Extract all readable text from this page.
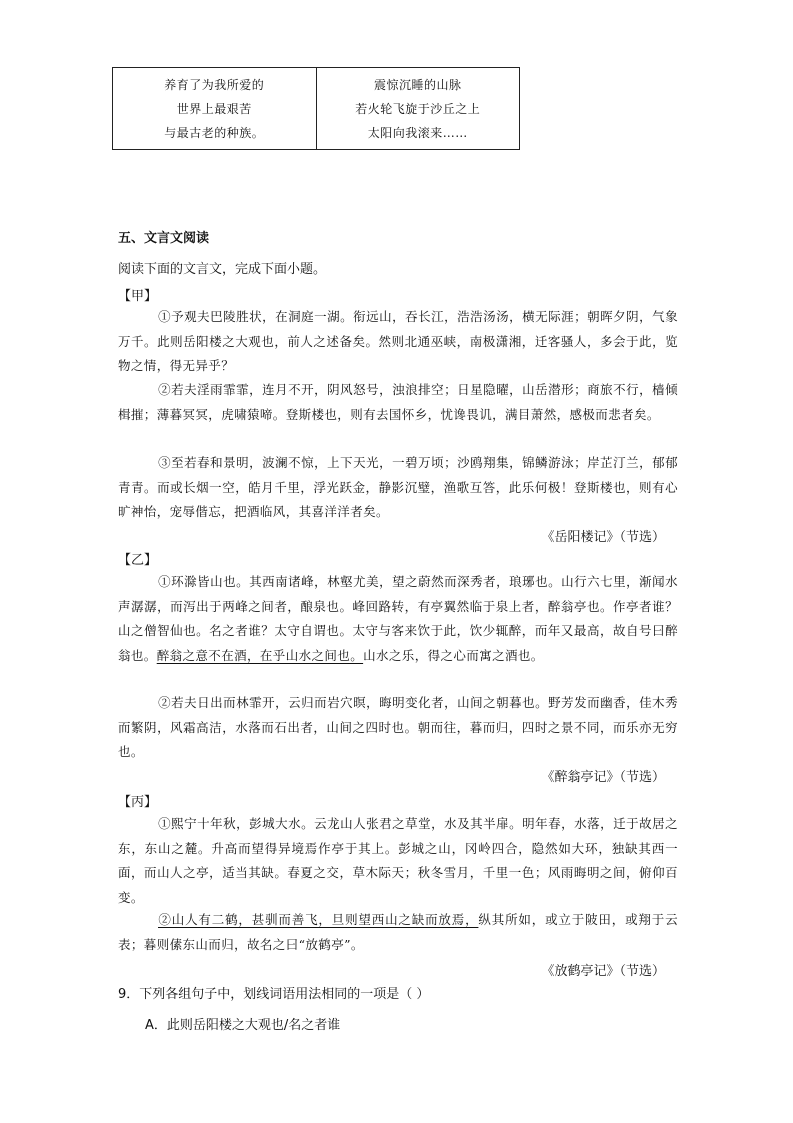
养育了为我所爱的
世界上最艰苦
与最古老的种族。
震惊沉睡的山脉
若火轮飞旋于沙丘之上
太阳向我滚来……
五、文言文阅读
阅读下面的文言文，完成下面小题。
【甲】
①予观夫巴陵胜状，在洞庭一湖。衔远山，吞长江，浩浩汤汤，横无际涯；朝晖夕阴，气象万千。此则岳阳楼之大观也，前人之述备矣。然则北通巫峡，南极潇湘，迁客骚人，多会于此，览物之情，得无异乎？
②若夫淫雨霏霏，连月不开，阴风怒号，浊浪排空；日星隐曜，山岳潜形；商旅不行，樯倾楫摧；薄暮冥冥，虎啸猿啼。登斯楼也，则有去国怀乡，忧谗畏讥，满目萧然，感极而悲者矣。
③至若春和景明，波澜不惊，上下天光，一碧万顷；沙鸥翔集，锦鳞游泳；岸芷汀兰，郁郁青青。而或长烟一空，皓月千里，浮光跃金，静影沉璧，渔歌互答，此乐何极！登斯楼也，则有心旷神怡，宠辱偕忘，把酒临风，其喜洋洋者矣。
《岳阳楼记》（节选）
【乙】
①环滁皆山也。其西南诸峰，林壑尤美，望之蔚然而深秀者，琅琊也。山行六七里，渐闻水声潺潺，而泻出于两峰之间者，酿泉也。峰回路转，有亭翼然临于泉上者，醉翁亭也。作亭者谁？山之僧智仙也。名之者谁？太守自谓也。太守与客来饮于此，饮少辄醉，而年又最高，故自号曰醉翁也。醉翁之意不在酒，在乎山水之间也。山水之乐，得之心而寓之酒也。
②若夫日出而林霏开，云归而岩穴暝，晦明变化者，山间之朝暮也。野芳发而幽香，佳木秀而繁阴，风霜高洁，水落而石出者，山间之四时也。朝而往，暮而归，四时之景不同，而乐亦无穷也。
《醉翁亭记》（节选）
【丙】
①熙宁十年秋，彭城大水。云龙山人张君之草堂，水及其半扉。明年春，水落，迁于故居之东，东山之麓。升高而望得异境焉作亭于其上。彭城之山，冈岭四合，隐然如大环，独缺其西一面，而山人之亭，适当其缺。春夏之交，草木际天；秋冬雪月，千里一色；风雨晦明之间，俯仰百变。
②山人有二鹤，甚驯而善飞，旦则望西山之缺而放焉，纵其所如，或立于陂田，或翔于云表；暮则傃东山而归，故名之曰“放鹤亭”。
《放鹤亭记》（节选）
9．下列各组句子中，划线词语用法相同的一项是（ ）
A．此则岳阳楼之大观也/名之者谁
